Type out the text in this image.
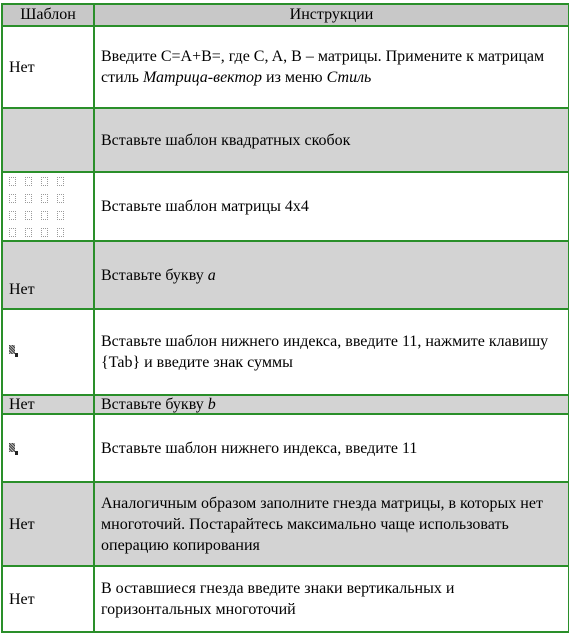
Шаблон	Инструкции
Нет	Введите C=A+B=, где C, A, B – матрицы. Примените к матрицам стиль Матрица-вектор из меню Стиль
	Вставьте шаблон квадратных скобок

	Вставьте шаблон матрицы 4x4
Нет	Вставьте букву a

	Вставьте шаблон нижнего индекса, введите 11, нажмите клавишу {Tab} и введите знак суммы
Нет	Вставьте букву b

	Вставьте шаблон нижнего индекса, введите 11
Нет	Аналогичным образом заполните гнезда матрицы, в которых нет многоточий. Постарайтесь максимально чаще использовать операцию копирования
Нет	В оставшиеся гнезда введите знаки вертикальных и горизонтальных многоточий
